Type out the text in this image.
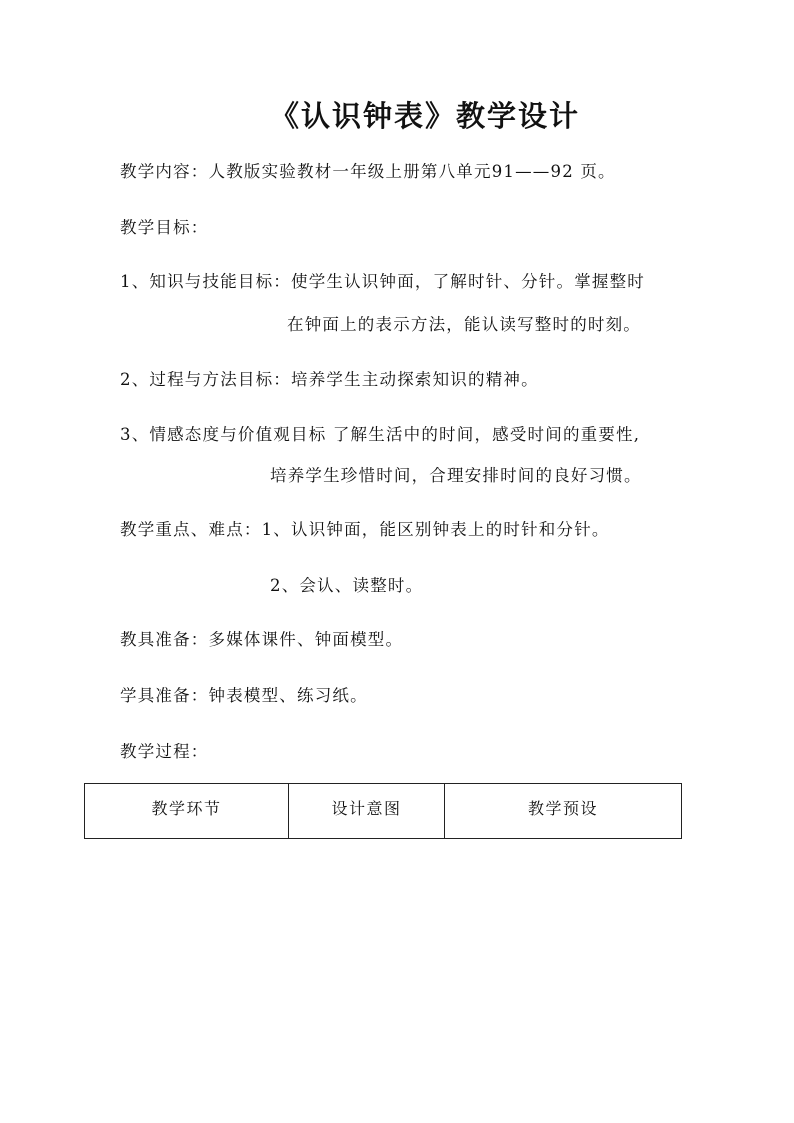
《认识钟表》教学设计
教学内容：人教版实验教材一年级上册第八单元91——92 页。
教学目标：
1、知识与技能目标：使学生认识钟面，了解时针、分针。掌握整时
在钟面上的表示方法，能认读写整时的时刻。
2、过程与方法目标：培养学生主动探索知识的精神。
3、情感态度与价值观目标 了解生活中的时间，感受时间的重要性,
培养学生珍惜时间，合理安排时间的良好习惯。
教学重点、难点：1、认识钟面，能区别钟表上的时针和分针。
2、会认、读整时。
教具准备：多媒体课件、钟面模型。
学具准备：钟表模型、练习纸。
教学过程：
教学环节	设计意图	教学预设
